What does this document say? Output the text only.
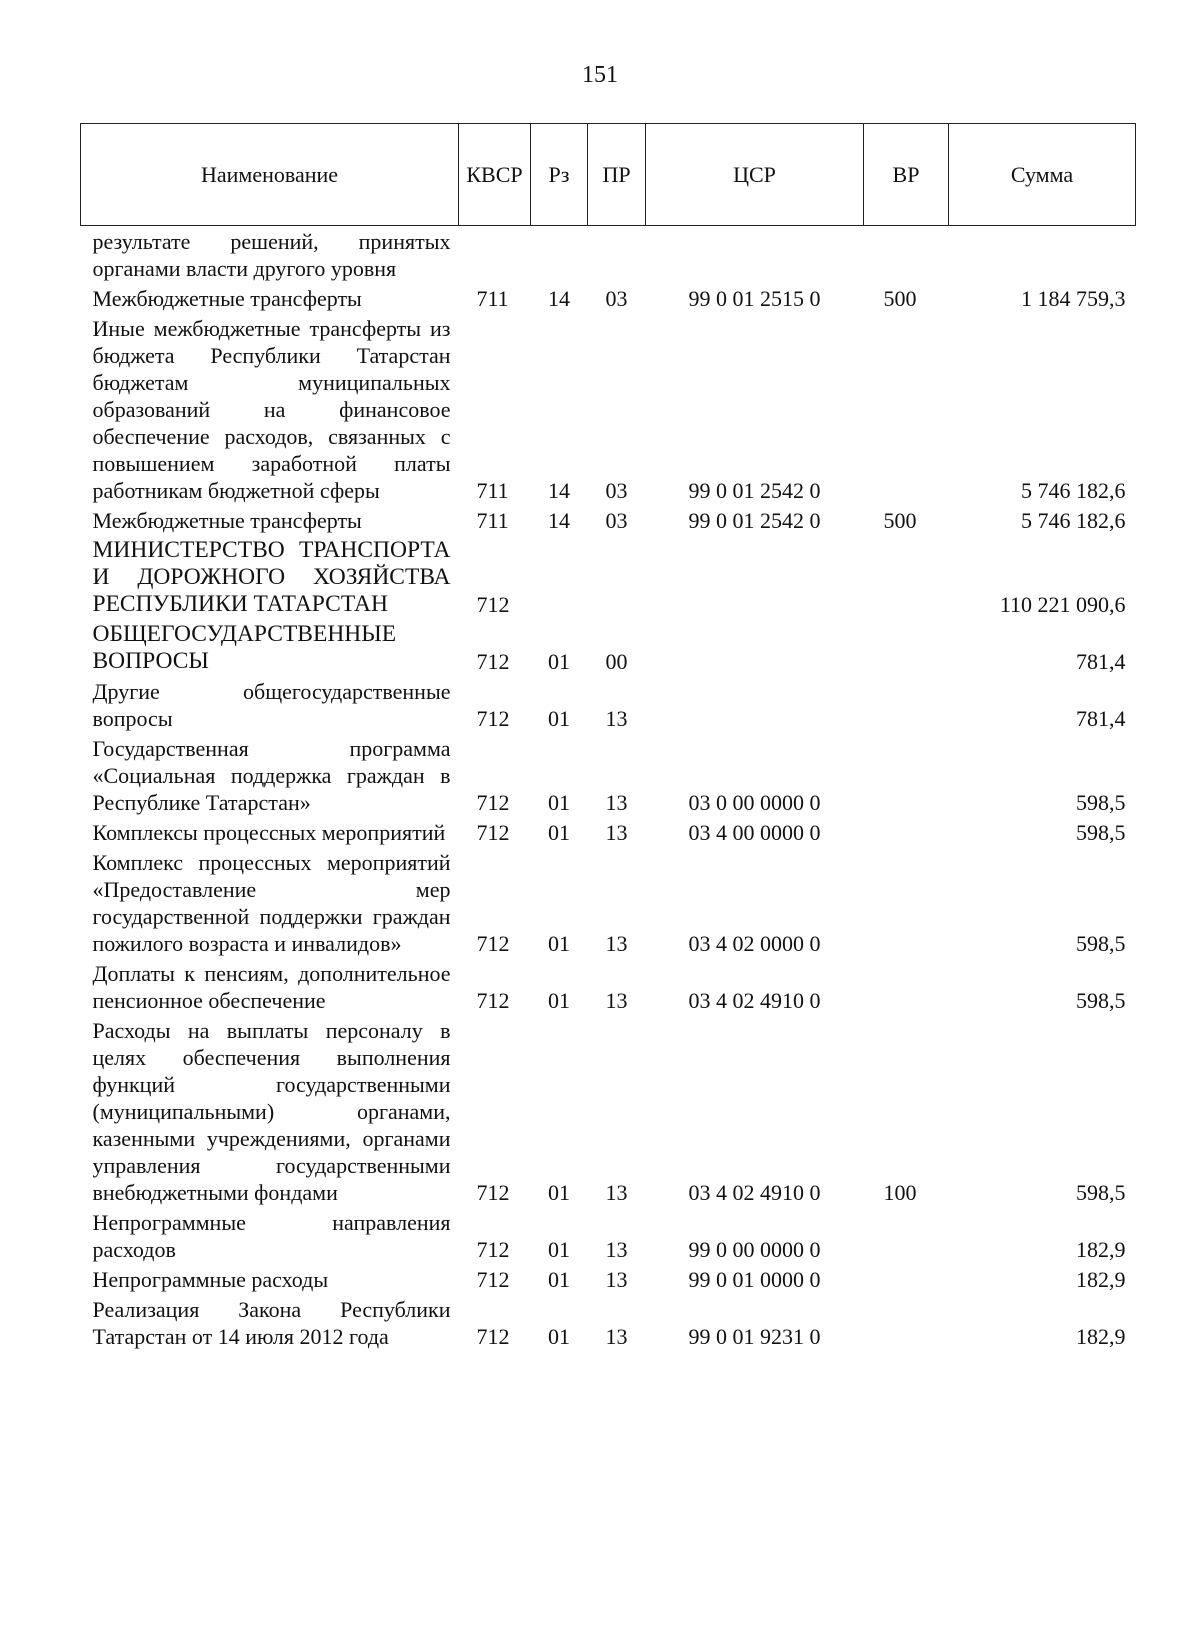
151
Наименование	КВСР	Рз	ПР	ЦСР	ВР	Сумма
результате решений, принятых органами власти другого уровня						
Межбюджетные трансферты	711	14	03	99 0 01 2515 0	500	1 184 759,3
Иные межбюджетные трансферты из бюджета Республики Татарстан бюджетам муниципальных образований на финансовое обеспечение расходов, связанных с повышением заработной платы работникам бюджетной сферы	711	14	03	99 0 01 2542 0		5 746 182,6
Межбюджетные трансферты	711	14	03	99 0 01 2542 0	500	5 746 182,6
МИНИСТЕРСТВО ТРАНСПОРТА И ДОРОЖНОГО ХОЗЯЙСТВА РЕСПУБЛИКИ ТАТАРСТАН	712					110 221 090,6
ОБЩЕГОСУДАРСТВЕННЫЕ ВОПРОСЫ	712	01	00			781,4
Другие общегосударственные вопросы	712	01	13			781,4
Государственная программа «Социальная поддержка граждан в Республике Татарстан»	712	01	13	03 0 00 0000 0		598,5
Комплексы процессных мероприятий	712	01	13	03 4 00 0000 0		598,5
Комплекс процессных мероприятий «Предоставление мер государственной поддержки граждан пожилого возраста и инвалидов»	712	01	13	03 4 02 0000 0		598,5
Доплаты к пенсиям, дополнительное пенсионное обеспечение	712	01	13	03 4 02 4910 0		598,5
Расходы на выплаты персоналу в целях обеспечения выполнения функций государственными (муниципальными) органами, казенными учреждениями, органами управления государственными внебюджетными фондами	712	01	13	03 4 02 4910 0	100	598,5
Непрограммные направления расходов	712	01	13	99 0 00 0000 0		182,9
Непрограммные расходы	712	01	13	99 0 01 0000 0		182,9
Реализация Закона Республики Татарстан от 14 июля 2012 года	712	01	13	99 0 01 9231 0		182,9
